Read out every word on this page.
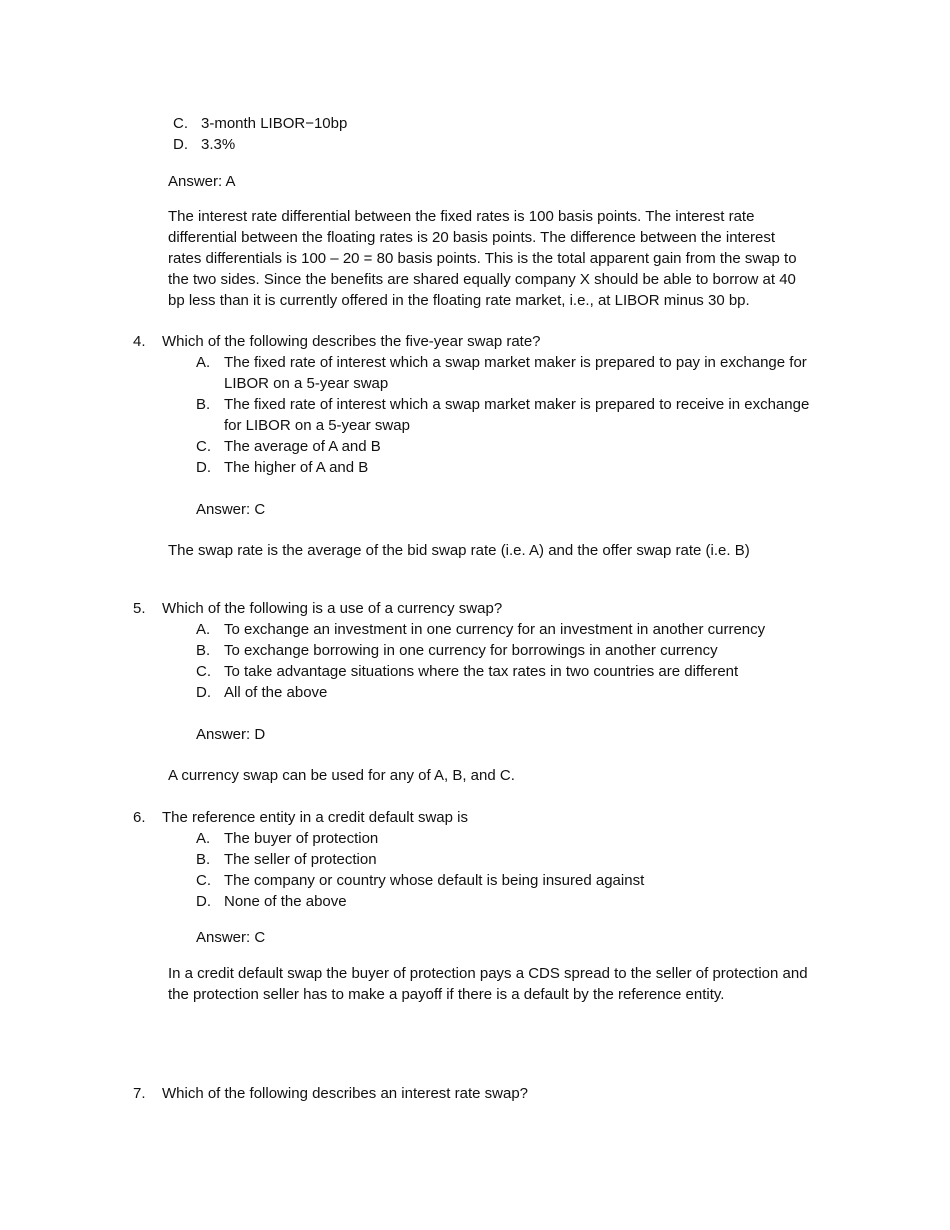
C. 3-month LIBOR−10bp
D. 3.3%
Answer: A
The interest rate differential between the fixed rates is 100 basis points. The interest rate
differential between the floating rates is 20 basis points. The difference between the interest
rates differentials is 100 – 20 = 80 basis points. This is the total apparent gain from the swap to
the two sides. Since the benefits are shared equally company X should be able to borrow at 40
bp less than it is currently offered in the floating rate market, i.e., at LIBOR minus 30 bp.
4. Which of the following describes the five-year swap rate?
A. The fixed rate of interest which a swap market maker is prepared to pay in exchange for
LIBOR on a 5-year swap
B. The fixed rate of interest which a swap market maker is prepared to receive in exchange
for LIBOR on a 5-year swap
C. The average of A and B
D. The higher of A and B
Answer: C
The swap rate is the average of the bid swap rate (i.e. A) and the offer swap rate (i.e. B)
5. Which of the following is a use of a currency swap?
A. To exchange an investment in one currency for an investment in another currency
B. To exchange borrowing in one currency for borrowings in another currency
C. To take advantage situations where the tax rates in two countries are different
D. All of the above
Answer: D
A currency swap can be used for any of A, B, and C.
6. The reference entity in a credit default swap is
A. The buyer of protection
B. The seller of protection
C. The company or country whose default is being insured against
D. None of the above
Answer: C
In a credit default swap the buyer of protection pays a CDS spread to the seller of protection and
the protection seller has to make a payoff if there is a default by the reference entity.
7. Which of the following describes an interest rate swap?
